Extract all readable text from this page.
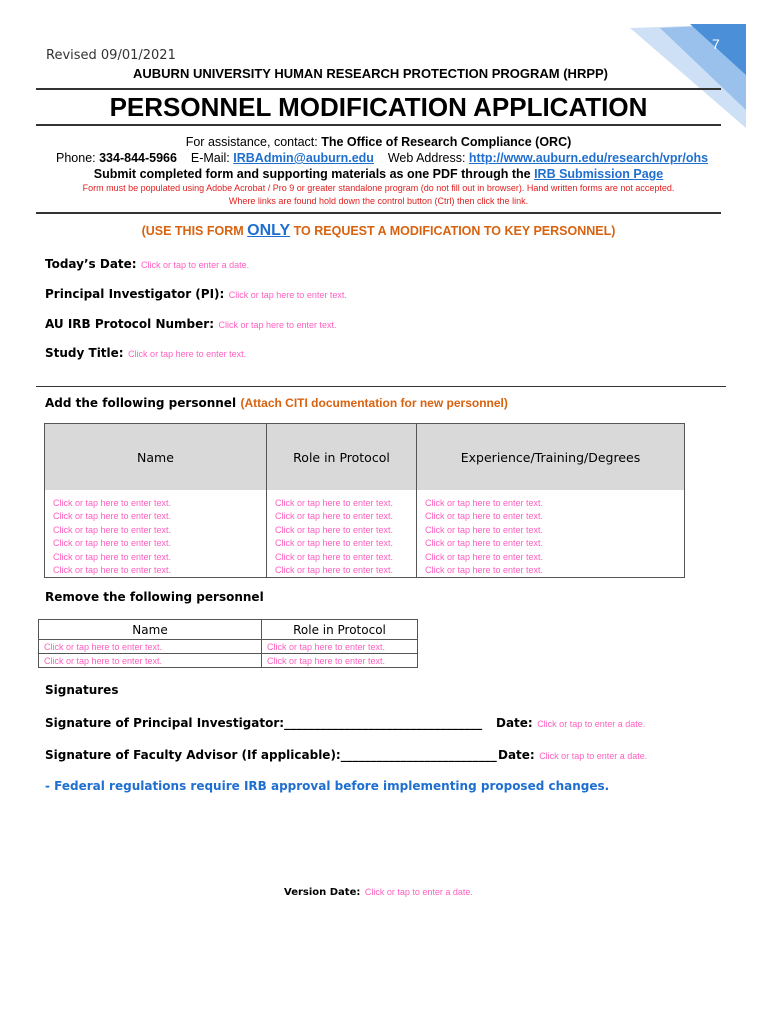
7
Revised 09/01/2021
AUBURN UNIVERSITY HUMAN RESEARCH PROTECTION PROGRAM (HRPP)
PERSONNEL MODIFICATION APPLICATION
For assistance, contact: The Office of Research Compliance (ORC)
Phone: 334-844-5966 E-Mail: IRBAdmin@auburn.edu Web Address: http://www.auburn.edu/research/vpr/ohs
Submit completed form and supporting materials as one PDF through the IRB Submission Page
Form must be populated using Adobe Acrobat / Pro 9 or greater standalone program (do not fill out in browser). Hand written forms are not accepted.
Where links are found hold down the control button (Ctrl) then click the link.
(USE THIS FORM ONLY TO REQUEST A MODIFICATION TO KEY PERSONNEL)
Today’s Date: Click or tap to enter a date.
Principal Investigator (PI): Click or tap here to enter text.
AU IRB Protocol Number: Click or tap here to enter text.
Study Title: Click or tap here to enter text.
Add the following personnel (Attach CITI documentation for new personnel)
Name	Role in Protocol	Experience/Training/Degrees
Click or tap here to enter text.	Click or tap here to enter text.	Click or tap here to enter text.
Click or tap here to enter text.	Click or tap here to enter text.	Click or tap here to enter text.
Click or tap here to enter text.	Click or tap here to enter text.	Click or tap here to enter text.
Click or tap here to enter text.	Click or tap here to enter text.	Click or tap here to enter text.
Click or tap here to enter text.	Click or tap here to enter text.	Click or tap here to enter text.
Click or tap here to enter text.	Click or tap here to enter text.	Click or tap here to enter text.
Remove the following personnel
Name	Role in Protocol
Click or tap here to enter text.	Click or tap here to enter text.
Click or tap here to enter text.	Click or tap here to enter text.
Signatures
Signature of Principal Investigator:_________________________________ Date: Click or tap to enter a date.
Signature of Faculty Advisor (If applicable):__________________________ Date: Click or tap to enter a date.
- Federal regulations require IRB approval before implementing proposed changes.
Version Date: Click or tap to enter a date.
